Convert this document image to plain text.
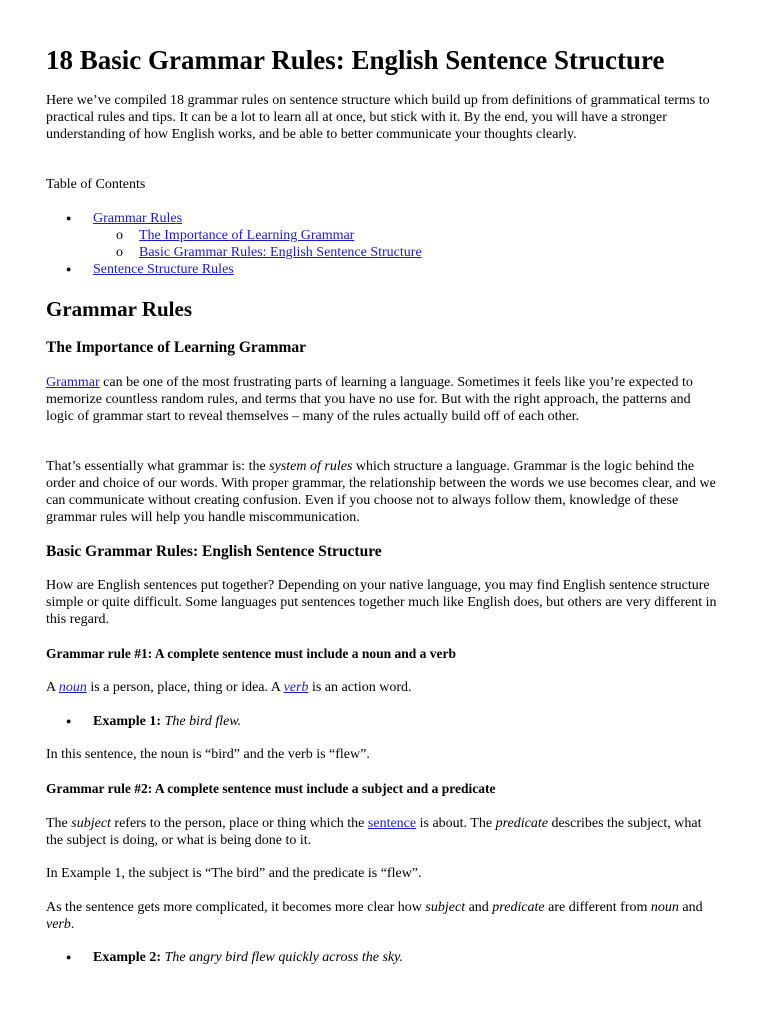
18 Basic Grammar Rules: English Sentence Structure

Here we’ve compiled 18 grammar rules on sentence structure which build up from definitions of grammatical terms to practical rules and tips. It can be a lot to learn all at once, but stick with it. By the end, you will have a stronger understanding of how English works, and be able to better communicate your thoughts clearly.

Table of Contents

● Grammar Rules
o The Importance of Learning Grammar
o Basic Grammar Rules: English Sentence Structure
● Sentence Structure Rules
Grammar Rules
The Importance of Learning Grammar

Grammar can be one of the most frustrating parts of learning a language. Sometimes it feels like you’re expected to memorize countless random rules, and terms that you have no use for. But with the right approach, the patterns and logic of grammar start to reveal themselves – many of the rules actually build off of each other.

That’s essentially what grammar is: the system of rules which structure a language. Grammar is the logic behind the order and choice of our words. With proper grammar, the relationship between the words we use becomes clear, and we can communicate without creating confusion. Even if you choose not to always follow them, knowledge of these grammar rules will help you handle miscommunication.

Basic Grammar Rules: English Sentence Structure

How are English sentences put together? Depending on your native language, you may find English sentence structure simple or quite difficult. Some languages put sentences together much like English does, but others are very different in this regard.

Grammar rule #1: A complete sentence must include a noun and a verb

A noun is a person, place, thing or idea. A verb is an action word.

● Example 1: The bird flew.

In this sentence, the noun is “bird” and the verb is “flew”.

Grammar rule #2: A complete sentence must include a subject and a predicate

The subject refers to the person, place or thing which the sentence is about. The predicate describes the subject, what the subject is doing, or what is being done to it.

In Example 1, the subject is “The bird” and the predicate is “flew”.

As the sentence gets more complicated, it becomes more clear how subject and predicate are different from noun and verb.

● Example 2: The angry bird flew quickly across the sky.
